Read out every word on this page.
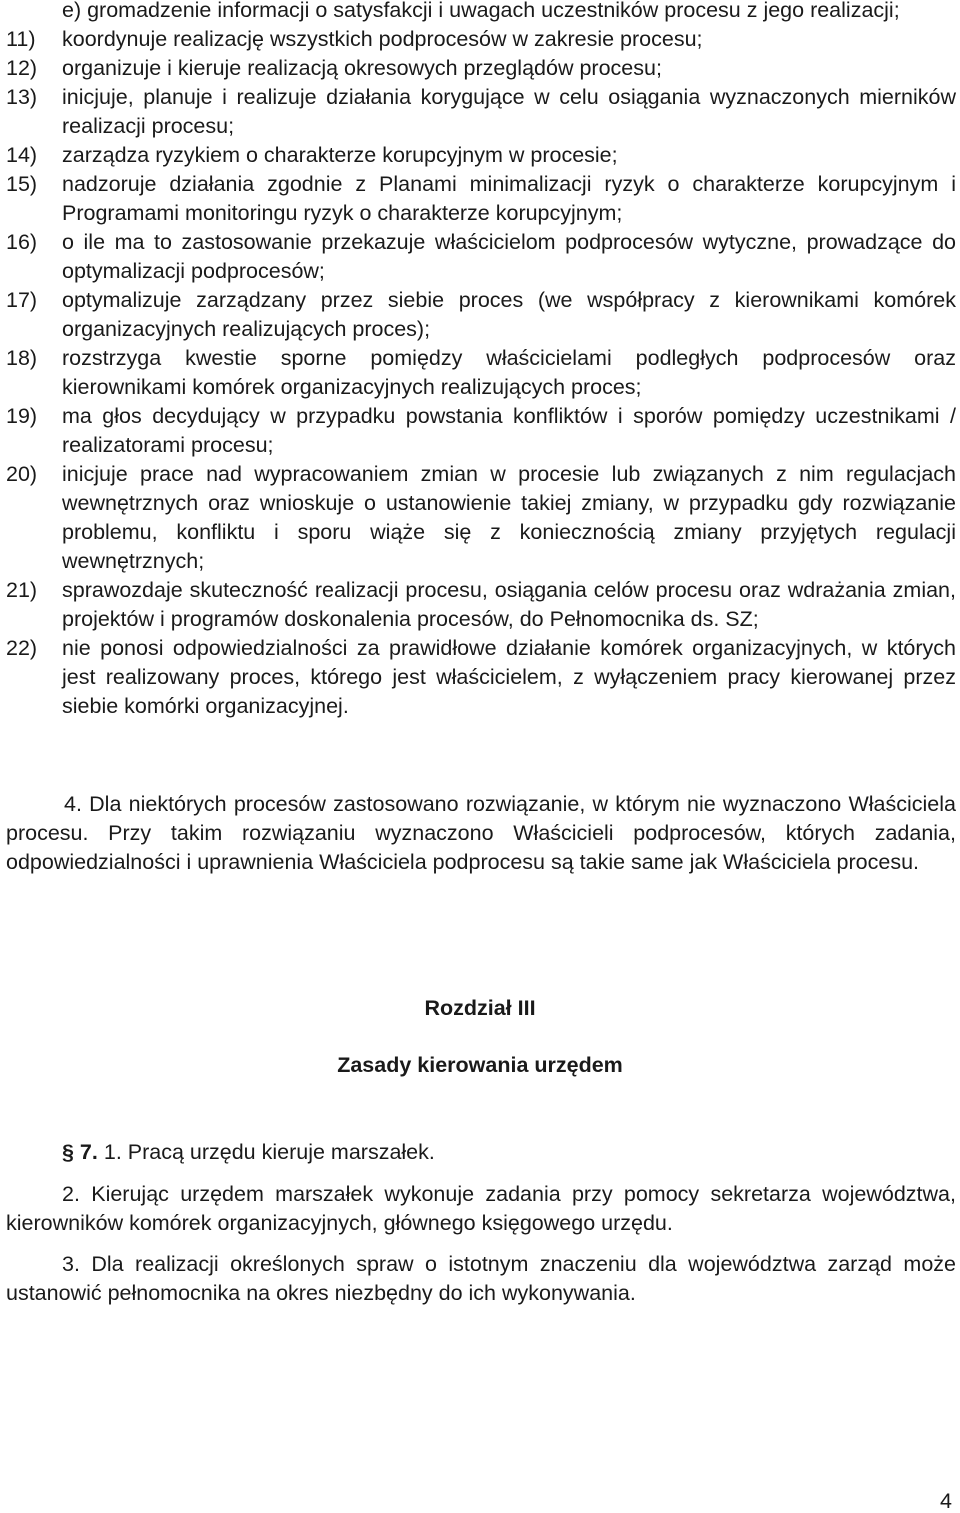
e) gromadzenie informacji o satysfakcji i uwagach uczestników procesu z jego realizacji;
11)	koordynuje realizację wszystkich podprocesów w zakresie procesu;
12)	organizuje i kieruje realizacją okresowych przeglądów procesu;
13)	inicjuje, planuje i realizuje działania korygujące w celu osiągania wyznaczonych mierników realizacji procesu;
14)	zarządza ryzykiem o charakterze korupcyjnym w procesie;
15)	nadzoruje działania zgodnie z Planami minimalizacji ryzyk o charakterze korupcyjnym i Programami monitoringu ryzyk o charakterze korupcyjnym;
16)	o ile ma to zastosowanie przekazuje właścicielom podprocesów wytyczne, prowadzące do optymalizacji podprocesów;
17)	optymalizuje zarządzany przez siebie proces (we współpracy z kierownikami komórek organizacyjnych realizujących proces);
18)	rozstrzyga kwestie sporne pomiędzy właścicielami podległych podprocesów oraz kierownikami komórek organizacyjnych realizujących proces;
19)	ma głos decydujący w przypadku powstania konfliktów i sporów pomiędzy uczestnikami / realizatorami procesu;
20)	inicjuje prace nad wypracowaniem zmian w procesie lub związanych z nim regulacjach wewnętrznych oraz wnioskuje o ustanowienie takiej zmiany, w przypadku gdy rozwiązanie problemu, konfliktu i sporu wiąże się z koniecznością zmiany przyjętych regulacji wewnętrznych;
21)	sprawozdaje skuteczność realizacji procesu, osiągania celów procesu oraz wdrażania zmian, projektów i programów doskonalenia procesów, do Pełnomocnika ds. SZ;
22)	nie ponosi odpowiedzialności za prawidłowe działanie komórek organizacyjnych, w których jest realizowany proces, którego jest właścicielem, z wyłączeniem pracy kierowanej przez siebie komórki organizacyjnej.
4. Dla niektórych procesów zastosowano rozwiązanie, w którym nie wyznaczono Właściciela procesu. Przy takim rozwiązaniu wyznaczono Właścicieli podprocesów, których zadania, odpowiedzialności i uprawnienia Właściciela podprocesu są takie same jak Właściciela procesu.
Rozdział III
Zasady kierowania urzędem
§ 7. 1. Pracą urzędu kieruje marszałek.
2. Kierując urzędem marszałek wykonuje zadania przy pomocy sekretarza województwa, kierowników komórek organizacyjnych, głównego księgowego urzędu.
3. Dla realizacji określonych spraw o istotnym znaczeniu dla województwa zarząd może ustanowić pełnomocnika na okres niezbędny do ich wykonywania.
4
